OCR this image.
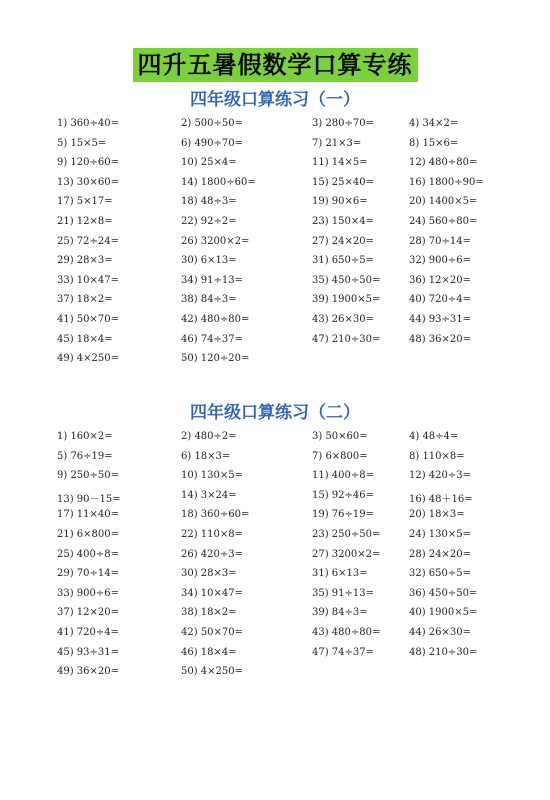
四升五暑假数学口算专练
四年级口算练习（一）
1) 360÷40=	2) 500÷50=	3) 280÷70=	4) 34×2=
5) 15×5=	6) 490÷70=	7) 21×3=	8) 15×6=
9) 120÷60=	10) 25×4=	11) 14×5=	12) 480÷80=
13) 30×60=	14) 1800÷60=	15) 25×40=	16) 1800÷90=
17) 5×17=	18) 48÷3=	19) 90×6=	20) 1400×5=
21) 12×8=	22) 92÷2=	23) 150×4=	24) 560÷80=
25) 72÷24=	26) 3200×2=	27) 24×20=	28) 70÷14=
29) 28×3=	30) 6×13=	31) 650÷5=	32) 900÷6=
33) 10×47=	34) 91÷13=	35) 450÷50=	36) 12×20=
37) 18×2=	38) 84÷3=	39) 1900×5=	40) 720÷4=
41) 50×70=	42) 480÷80=	43) 26×30=	44) 93÷31=
45) 18×4=	46) 74÷37=	47) 210÷30=	48) 36×20=
49) 4×250=	50) 120÷20=
四年级口算练习（二）
1) 160×2=	2) 480÷2=	3) 50×60=	4) 48÷4=
5) 76÷19=	6) 18×3=	7) 6×800=	8) 110×8=
9) 250÷50=	10) 130×5=	11) 400÷8=	12) 420÷3=
13) 90－15=	14) 3×24=	15) 92÷46=	16) 48＋16=
17) 11×40=	18) 360÷60=	19) 76÷19=	20) 18×3=
21) 6×800=	22) 110×8=	23) 250÷50=	24) 130×5=
25) 400÷8=	26) 420÷3=	27) 3200×2=	28) 24×20=
29) 70÷14=	30) 28×3=	31) 6×13=	32) 650÷5=
33) 900÷6=	34) 10×47=	35) 91÷13=	36) 450÷50=
37) 12×20=	38) 18×2=	39) 84÷3=	40) 1900×5=
41) 720÷4=	42) 50×70=	43) 480÷80=	44) 26×30=
45) 93÷31=	46) 18×4=	47) 74÷37=	48) 210÷30=
49) 36×20=	50) 4×250=
